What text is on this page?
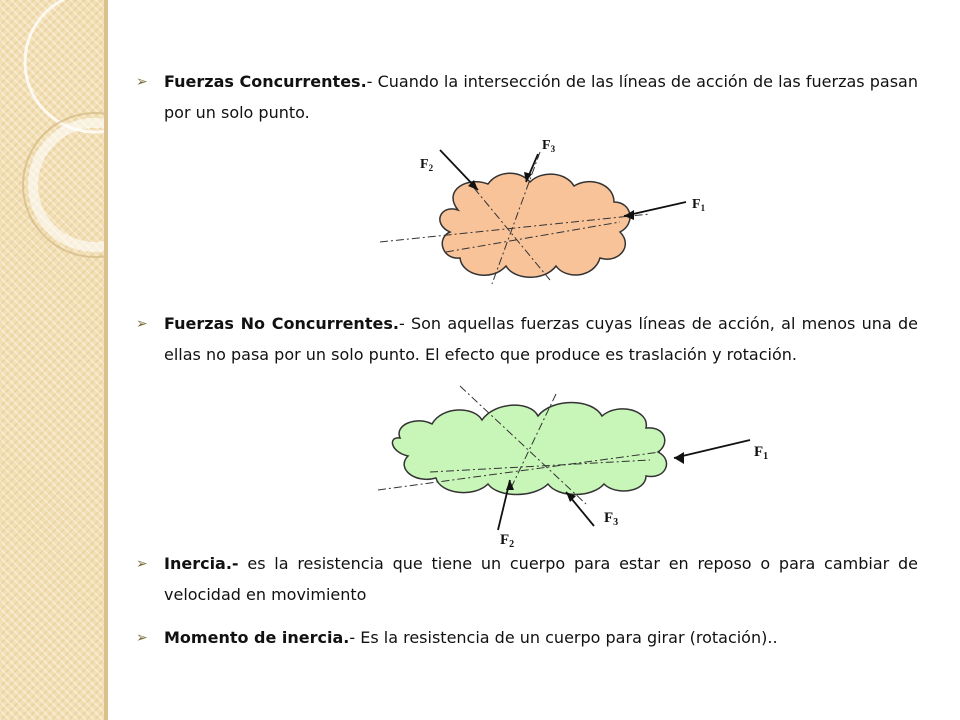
➢	Fuerzas Concurrentes.- Cuando la intersección de las líneas de acción de las fuerzas pasan por un solo punto.
$F_3$
$F_2$
$F_1$
➢	Fuerzas No Concurrentes.- Son aquellas fuerzas cuyas líneas de acción, al menos una de ellas no pasa por un solo punto. El efecto que produce es traslación y rotación.
$F_1$
$F_3$
$F_2$
➢	Inercia.- es la resistencia que tiene un cuerpo para estar en reposo o para cambiar de velocidad en movimiento
➢	Momento de inercia.- Es la resistencia de un cuerpo para girar (rotación)..
